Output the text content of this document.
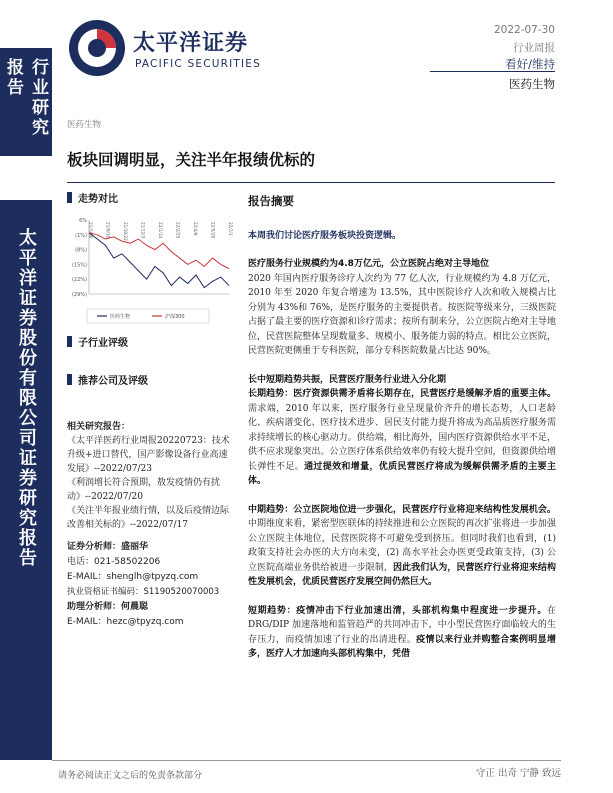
行业研究报告
太平洋证券股份有限公司证券研究报告
太平洋证券
PACIFIC SECURITIES
2022-07-30
行业周报
看好/维持
医药生物
医药生物
板块回调明显，关注半年报绩优标的
走势对比
6%
(1%)
(8%)
(15%)
(22%)
(29%)
21/7/30	21/9/10	21/10/22	21/12/3	22/1/14	22/2/25	22/4/8	22/5/20	22/7/1
医药生物	沪深300
子行业评级
推荐公司及评级
相关研究报告：
《太平洋医药行业周报20220723：技术升级+进口替代，国产影像设备行业高速发展》--2022/07/23
《利润增长符合预期，敖发疫情仍有扰动》--2022/07/20
《关注半年报业绩行情，以及后疫情边际改善相关标的》--2022/07/17
证券分析师：盛丽华
电话：021-58502206
E-MAIL：shenglh@tpyzq.com
执业资格证书编码：S1190520070003
助理分析师：何晨聪
E-MAIL：hezc@tpyzq.com
报告摘要
本周我们讨论医疗服务板块投资逻辑。
医疗服务行业规模约为4.8万亿元，公立医院占绝对主导地位
2020 年国内医疗服务诊疗人次约为 77 亿人次，行业规模约为 4.8 万亿元，2010 年至 2020 年复合增速为 13.5%，其中医院诊疗人次和收入规模占比分别为 43%和 76%，是医疗服务的主要提供者。按医院等级来分，三级医院占据了最主要的医疗资源和诊疗需求；按所有制来分，公立医院占绝对主导地位，民营医院整体呈现数量多、规模小、服务能力弱的特点。相比公立医院，民营医院更侧重于专科医院，部分专科医院数量占比达 90%。
长中短期趋势共振，民营医疗服务行业进入分化期
长期趋势：医疗资源供需矛盾将长期存在，民营医疗是缓解矛盾的重要主体。需求端，2010 年以来，医疗服务行业呈现量价齐升的增长态势，人口老龄化、疾病谱变化、医疗技术进步、居民支付能力提升将成为高品质医疗服务需求持续增长的核心驱动力。供给端，相比海外，国内医疗资源供给水平不足，供不应求现象突出。公立医疗体系供给效率仍有较大提升空间，但资源供给增长弹性不足。通过提效和增量，优质民营医疗将成为缓解供需矛盾的主要主体。
中期趋势：公立医院地位进一步强化，民营医疗行业将迎来结构性发展机会。中期维度来看，紧密型医联体的持续推进和公立医院的再次扩张将进一步加强公立医院主体地位，民营医院将不可避免受到挤压。但同时我们也看到，(1) 政策支持社会办医的大方向未变，(2) 高水平社会办医更受政策支持，(3) 公立医院高端业务供给被进一步限制，因此我们认为，民营医疗行业将迎来结构性发展机会，优质民营医疗发展空间仍然巨大。
短期趋势：疫情冲击下行业加速出清，头部机构集中程度进一步提升。在 DRG/DIP 加速落地和监管趋严的共同冲击下，中小型民营医疗面临较大的生存压力，而疫情加速了行业的出清进程。疫情以来行业并购整合案例明显增多，医疗人才加速向头部机构集中，凭借
请务必阅读正文之后的免责条款部分	守正 出奇 宁静 致远
